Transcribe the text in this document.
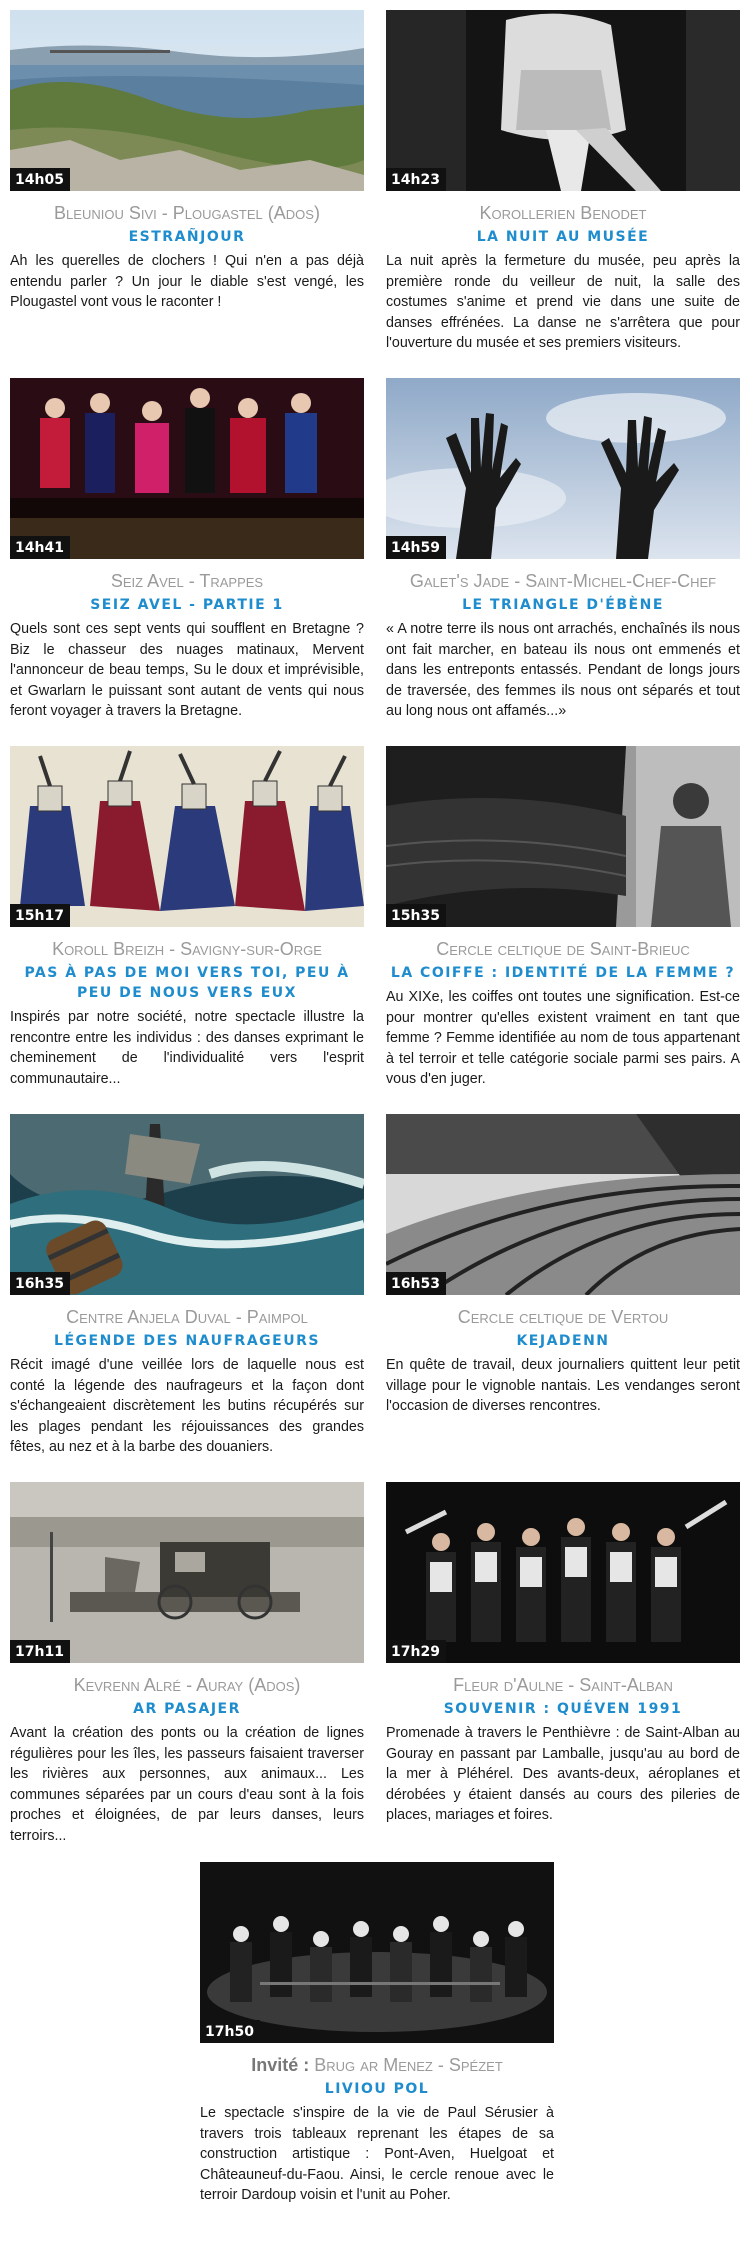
14h05
Bleuniou Sivi - Plougastel (Ados)
ESTRAÑJOUR
Ah les querelles de clochers ! Qui n'en a pas déjà entendu parler ? Un jour le diable s'est vengé, les Plougastel vont vous le raconter !
14h23
Korollerien Benodet
LA NUIT AU MUSÉE
La nuit après la fermeture du musée, peu après la première ronde du veilleur de nuit, la salle des costumes s'anime et prend vie dans une suite de danses effrénées. La danse ne s'arrêtera que pour l'ouverture du musée et ses premiers visiteurs.
14h41
Seiz Avel - Trappes
SEIZ AVEL - PARTIE 1
Quels sont ces sept vents qui soufflent en Bretagne ? Biz le chasseur des nuages matinaux, Mervent l'annonceur de beau temps, Su le doux et imprévisible, et Gwarlarn le puissant sont autant de vents qui nous feront voyager à travers la Bretagne.
14h59
Galet's Jade - Saint-Michel-Chef-Chef
LE TRIANGLE D'ÉBÈNE
« A notre terre ils nous ont arrachés, enchaînés ils nous ont fait marcher, en bateau ils nous ont emmenés et dans les entreponts entassés. Pendant de longs jours de traversée, des femmes ils nous ont séparés et tout au long nous ont affamés...»
15h17
Koroll Breizh - Savigny-sur-Orge
PAS À PAS DE MOI VERS TOI, PEU À PEU DE NOUS VERS EUX
Inspirés par notre société, notre spectacle illustre la rencontre entre les individus : des danses exprimant le cheminement de l'individualité vers l'esprit communautaire...
15h35
Cercle celtique de Saint-Brieuc
LA COIFFE : IDENTITÉ DE LA FEMME ?
Au XIXe, les coiffes ont toutes une signification. Est-ce pour montrer qu'elles existent vraiment en tant que femme ? Femme identifiée au nom de tous appartenant à tel terroir et telle catégorie sociale parmi ses pairs. A vous d'en juger.
16h35
Centre Anjela Duval - Paimpol
LÉGENDE DES NAUFRAGEURS
Récit imagé d'une veillée lors de laquelle nous est conté la légende des naufrageurs et la façon dont s'échangeaient discrètement les butins récupérés sur les plages pendant les réjouissances des grandes fêtes, au nez et à la barbe des douaniers.
16h53
Cercle celtique de Vertou
KEJADENN
En quête de travail, deux journaliers quittent leur petit village pour le vignoble nantais. Les vendanges seront l'occasion de diverses rencontres.
17h11
Kevrenn Alré - Auray (Ados)
AR PASAJER
Avant la création des ponts ou la création de lignes régulières pour les îles, les passeurs faisaient traverser les rivières aux personnes, aux animaux... Les communes séparées par un cours d'eau sont à la fois proches et éloignées, de par leurs danses, leurs terroirs...
17h29
Fleur d'Aulne - Saint-Alban
SOUVENIR : QUÉVEN 1991
Promenade à travers le Penthièvre : de Saint-Alban au Gouray en passant par Lamballe, jusqu'au au bord de la mer à Pléhérel. Des avants-deux, aéroplanes et dérobées y étaient dansés au cours des pileries de places, mariages et foires.
17h50
Invité : Brug ar Menez - Spézet
LIVIOU POL
Le spectacle s'inspire de la vie de Paul Sérusier à travers trois tableaux reprenant les étapes de sa construction artistique : Pont-Aven, Huelgoat et Châteauneuf-du-Faou. Ainsi, le cercle renoue avec le terroir Dardoup voisin et l'unit au Poher.
